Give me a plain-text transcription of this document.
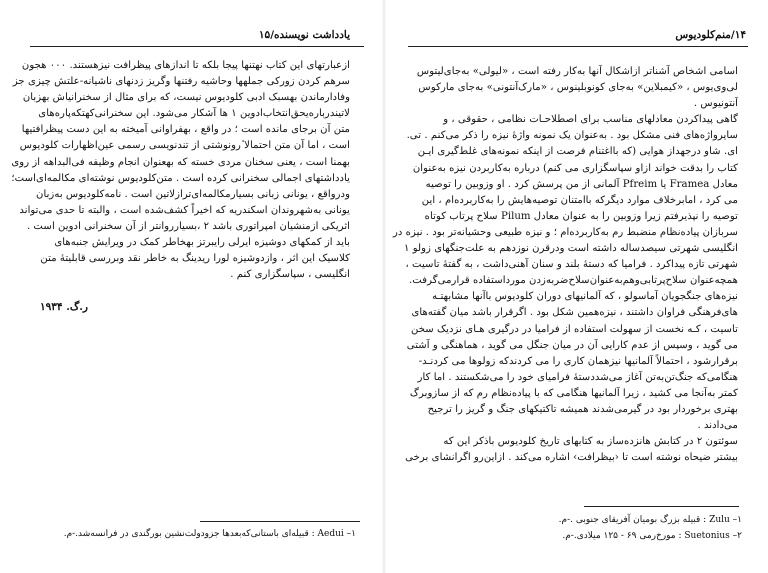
یادداشت نویسنده/۱۵
ازعبارتهای این کتاب نهتنها پیجا بلکه تا اندازهای پیظرافت نیزهستند. ۰۰۰ هجون
سرهم کردن زورکی جملهها وحاشیه رفتنها وگریز زدنهای ناشیانه-علتش چیزی جز
وفادارماندن بهسبک ادبی کلودیوس نیست، که برای مثال از سخنرانیاش بهزبان
لاتیندرباره‌یحق‌انتخاب‌ادوین ۱ ها آشکار می‌شود. این سخنرانی‌کهتکه‌پاره‌های
متن آن برجای مانده است ؛ در واقع ، بهفراوانی آمیخته به این دست پیظرافتیها
است ، اما آن متن احتمالا ٔرونوشتی از تندنویسی رسمی عین‌اظهارات کلودیوس
بهمنا است ، یعنی سخنان مردی خسته که بهعنوان انجام وظیفه فی‌البداهه از روی
یادداشتهای اجمالی سخنرانی کرده است . متن‌کلودیوس نوشته‌ای مکالمه‌ای‌است؛
ودرواقع ، یونانی زبانی بسیارمکالمه‌ای‌تراز‌لاتین است . نامه‌کلودیوس به‌زبان
یونانی به‌شهروندان اسکندریه که اخیراً کشف‌شده است ، والبته تا حدی می‌تواند
اثریکی ازمنشیان امپراتوری باشد ۲ ،بسیارروانتر از آن سخنرانی ادوین است .
باید از کمکهای دوشیزه ایرلی رایبرتز بهخاطر کمک در ویرایش جنبه‌های
کلاسیک این اثر ، وازدوشیزه لورا ریدینگ به خاطر نقد وبررسی قابلیتهٔ متن
انگلیسی ، سپاسگزاری کنم .
ر.گ. ۱۹۳۴
Aedui –۱ : قبیله‌ای باستانی‌که‌بعدها جزو‌دولت‌نشین بورگندی در فرانسه‌شد.-م.
۱۴/منم‌کلودیوس
اسامی اشخاص آشناتر ازاشکال آنها به‌کار رفته است ، «لیولی» به‌جای‌لیتوس
لی‌وی‌یوس ، «کیمبلاین» به‌جای کونوبلینوس ، «مارک‌آنتونی» به‌جای مارکوس
آنتونیوس .
گاهی پیداکردن معادلهای مناسب برای اصطلاحـات نظامی ، حقوقی ، و
سایرواژه‌های فنی مشکل بود . به‌عنوان یک نمونه واژهٔ نیزه را ذکر می‌کنم . تی.
ای. شاو درجهداز هوایی (که بااغتنام فرصت از اینکه نمونه‌های غلط‌گیری ایـن
کتاب را بدقت خواند ازاو سپاسگزاری می کنم) درباره به‌کاربردن نیزه به‌عنوان
معادل Framea یا Pfreim آلمانی از من پرسش کرد . او وزوبین را توصیه
می کرد ، امابرخلاف موارد دیگرکه با‌امتنان توصیه‌هایش را به‌کاربرده‌ام ، این
توصیه را نپذیرفتم زیرا وزوبین را به عنوان معادل Pilum سلاح پرتاب کوتاه
سربازان پیاده‌نظام منضبط رم به‌کاربرده‌ام ؛ و نیزه طبیعی وحشیانه‌تر بود . نیزه در
انگلیسی شهرتی سیصدساله داشته است ودرقرن نوزدهم به علت‌جنگهای زولو ۱
شهرتی تازه پیداکرد . فرامیا که دستهٔ بلند و سنان آهنی‌داشت ، به گفتهٔ تاسیت ،
همچه‌عنوان سلاح‌پرتابی‌وهم‌به‌عنوان‌سلاح‌ضربه‌زدن مورداستفاده قرارمی‌گرفت.
نیزه‌های جنگجویان آماسولو ، که آلمانیهای دوران کلودیوس باآنها مشابهتـه
های‌فرهنگی فراوان داشتند ، نیزه‌همین شکل بود . اگرقرار باشد میان گفته‌های
تاسیت ، کـه نخست از سهولت استفاده از فرامیا در درگیری هـای نزدیک سخن
می گوید ، وسپس از عدم کارایی آن در میان جنگل می گوید ، هماهنگی و آشتی
برقرارشود ، احتمالاً آلمانیها نیزهمان کاری را می کردندکه زولوها می کردنـد-
هنگامی‌که جنگ‌تن‌به‌تن آغاز می‌شد‌دستهٔ فرامیای خود را می‌شکستند . اما کار
کمتر به‌آنجا می کشید ، زیرا آلمانیها هنگامی که با پیاده‌نظام رم که از سازوبرگ
بهتری برخوردار بود در گیرمی‌شدند همیشه تاکتیکهای جنگ و گریز را ترجیح
می‌دادند .
سوئتون ۲ در کتابش هانزده‌ساز به کتابهای تاریخ کلودیوس باذکر این که
بیشتر ضیحاه نوشته است تا ‹بیظرافت› اشاره می‌کند . ازاین‌رو اگرانشای برخی
Zulu –۱ : قبیله بزرگ بومیان آفریقای جنوبی .-م.
Suetonius –۲ : مورخ‌رمی ۶۹ - ۱۲۵ میلادی.-م.
